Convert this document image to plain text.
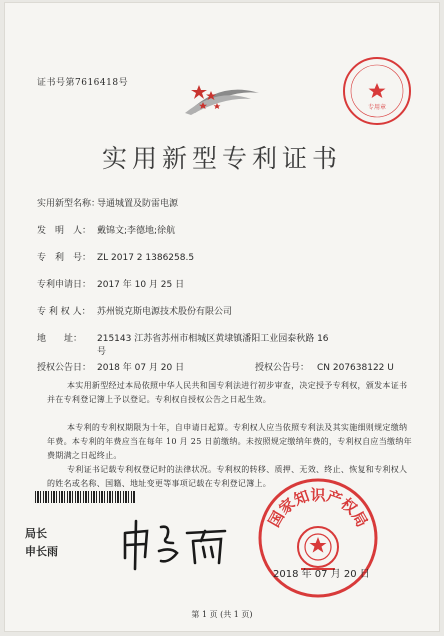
证书号第7616418号
专用章
实用新型专利证书
实用新型名称：导通城置及防雷电源
发　明　人： 戴锦文;李德地;徐航
专　利　号： ZL 2017 2 1386258.5
专利申请日： 2017 年 10 月 25 日
专 利 权 人： 苏州锐克斯电源技术股份有限公司
地　　址： 215143 江苏省苏州市相城区黄埭镇潘阳工业园泰秋路 16
号
授权公告日： 2018 年 07 月 20 日	授权公告号： CN 207638122 U
本实用新型经过本局依照中华人民共和国专利法进行初步审查，决定授予专利权，颁发本证书并在专利登记簿上予以登记。专利权自授权公告之日起生效。
本专利的专利权期限为十年，自申请日起算。专利权人应当依照专利法及其实施细则规定缴纳年费。本专利的年费应当在每年 10 月 25 日前缴纳。未按照规定缴纳年费的，专利权自应当缴纳年费期满之日起终止。
专利证书记载专利权登记时的法律状况。专利权的转移、质押、无效、终止、恢复和专利权人的姓名或名称、国籍、地址变更等事项记载在专利登记簿上。
局长
申长雨
国家知识产权局
2018 年 07 月 20 日
第 1 页 (共 1 页)
